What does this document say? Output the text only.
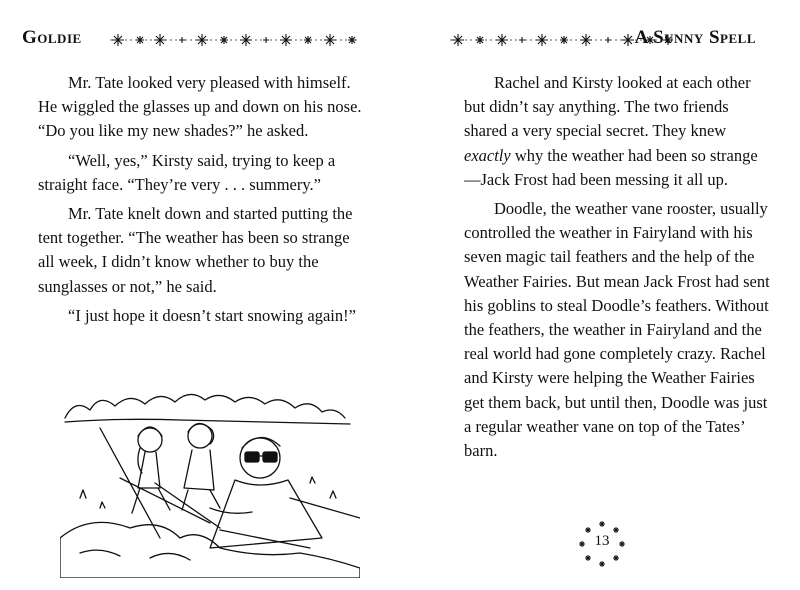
Goldie

Mr. Tate looked very pleased with himself. He wiggled the glasses up and down on his nose. “Do you like my new shades?” he asked.

“Well, yes,” Kirsty said, trying to keep a straight face. “They’re very . . . summery.”

Mr. Tate knelt down and started putting the tent together. “The weather has been so strange all week, I didn’t know whether to buy the sunglasses or not,” he said.

“I just hope it doesn’t start snowing again!”

A Sunny Spell

Rachel and Kirsty looked at each other but didn’t say anything. The two friends shared a very special secret. They knew exactly why the weather had been so strange—Jack Frost had been messing it all up.

Doodle, the weather vane rooster, usually controlled the weather in Fairyland with his seven magic tail feathers and the help of the Weather Fairies. But mean Jack Frost had sent his goblins to steal Doodle’s feathers. Without the feathers, the weather in Fairyland and the real world had gone completely crazy. Rachel and Kirsty were helping the Weather Fairies get them back, but until then, Doodle was just a regular weather vane on top of the Tates’ barn.

13
